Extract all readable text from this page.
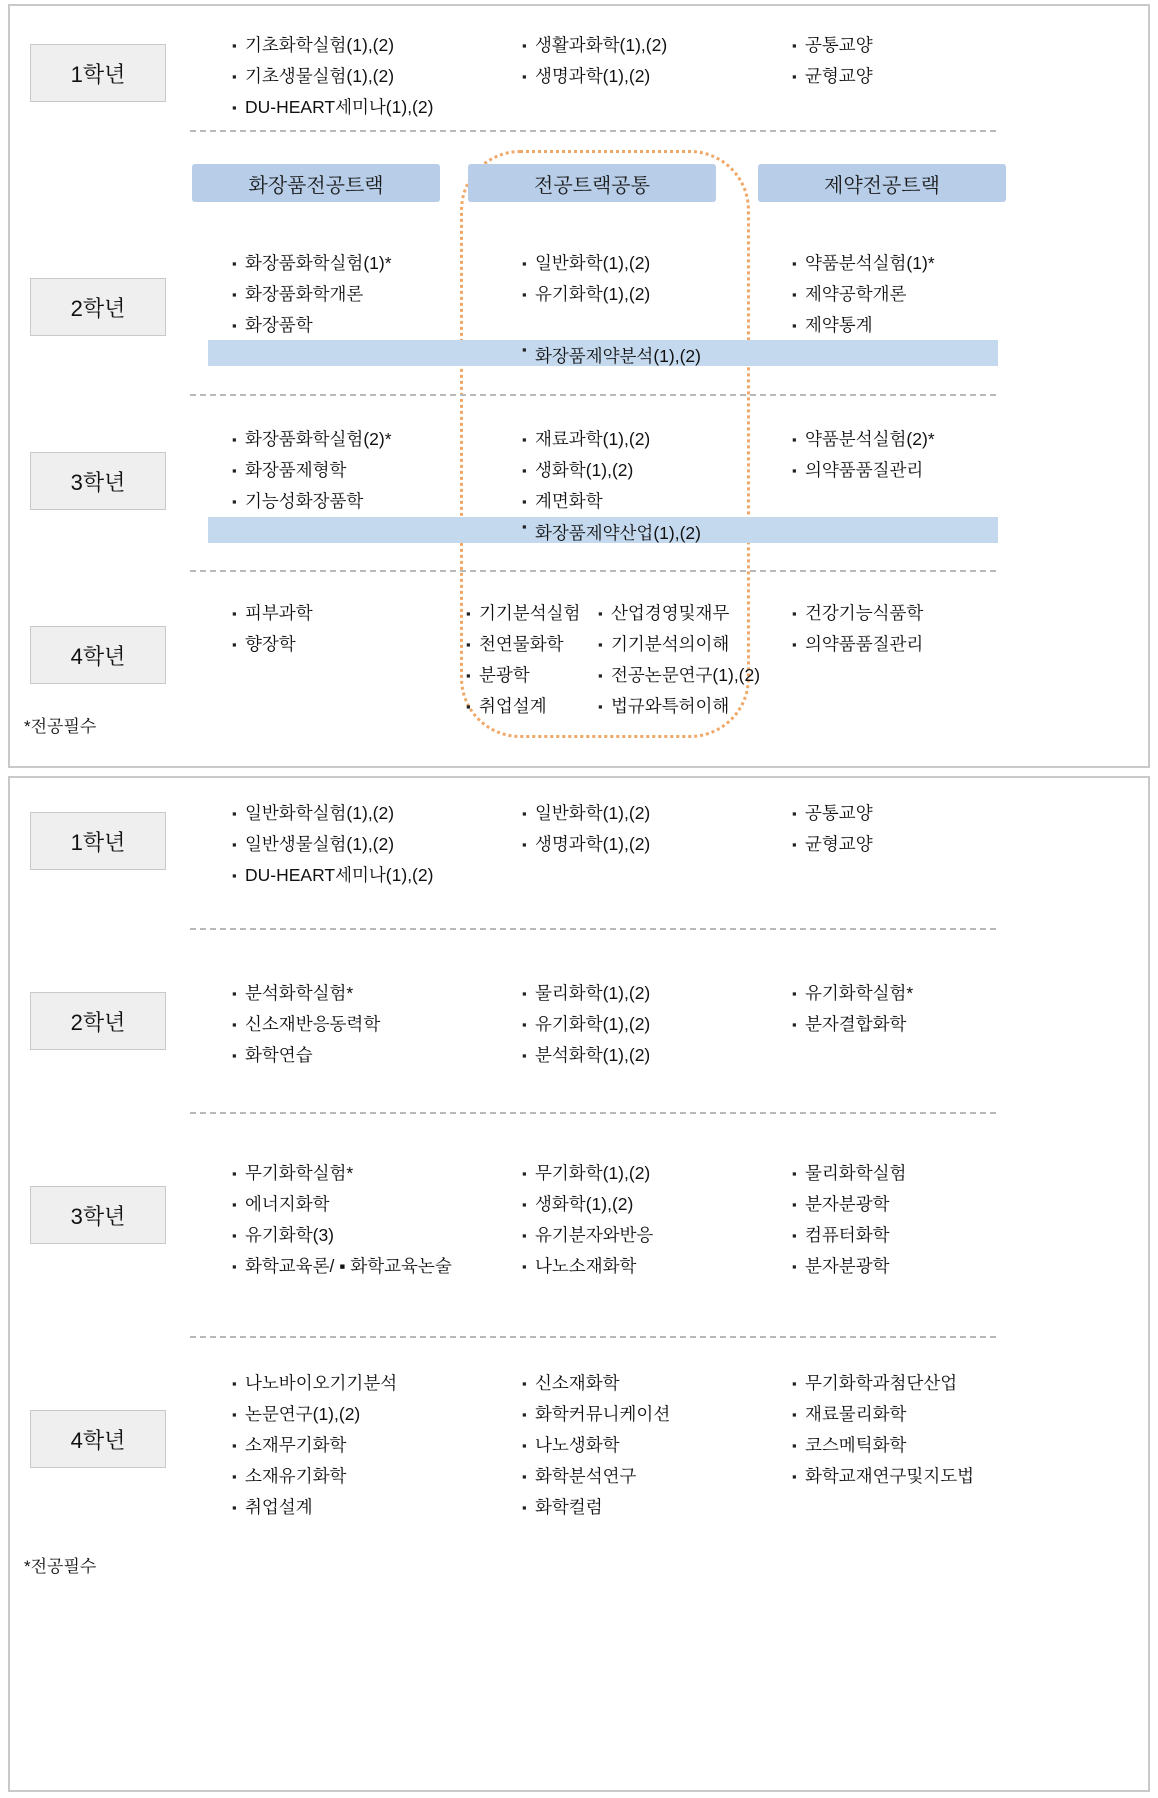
1학년
2학년
3학년
4학년
*전공필수
▪ 기초화학실험(1),(2)
▪ 기초생물실험(1),(2)
▪ DU-HEART세미나(1),(2)
▪ 생활과화학(1),(2)
▪ 생명과학(1),(2)
▪ 공통교양
▪ 균형교양
화장품전공트랙	전공트랙공통	제약전공트랙
▪ 화장품화학실험(1)*
▪ 화장품화학개론
▪ 화장품학
▪ 일반화학(1),(2)
▪ 유기화학(1),(2)
▪ 약품분석실험(1)*
▪ 제약공학개론
▪ 제약통계
▪ 화장품제약분석(1),(2)
▪ 화장품화학실험(2)*
▪ 화장품제형학
▪ 기능성화장품학
▪ 재료과학(1),(2)
▪ 생화학(1),(2)
▪ 계면화학
▪ 약품분석실험(2)*
▪ 의약품품질관리
▪ 화장품제약산업(1),(2)
▪ 피부과학
▪ 향장학
▪ 기기분석실험
▪ 천연물화학
▪ 분광학
▪ 취업설계
▪ 산업경영및재무
▪ 기기분석의이해
▪ 전공논문연구(1),(2)
▪ 법규와특허이해
▪ 건강기능식품학
▪ 의약품품질관리
1학년
2학년
3학년
4학년
*전공필수
▪ 일반화학실험(1),(2)
▪ 일반생물실험(1),(2)
▪ DU-HEART세미나(1),(2)
▪ 일반화학(1),(2)
▪ 생명과학(1),(2)
▪ 공통교양
▪ 균형교양
▪ 분석화학실험*
▪ 신소재반응동력학
▪ 화학연습
▪ 물리화학(1),(2)
▪ 유기화학(1),(2)
▪ 분석화학(1),(2)
▪ 유기화학실험*
▪ 분자결합화학
▪ 무기화학실험*
▪ 에너지화학
▪ 유기화학(3)
▪ 화학교육론/ ▪ 화학교육논술
▪ 무기화학(1),(2)
▪ 생화학(1),(2)
▪ 유기분자와반응
▪ 나노소재화학
▪ 물리화학실험
▪ 분자분광학
▪ 컴퓨터화학
▪ 분자분광학
▪ 나노바이오기기분석
▪ 논문연구(1),(2)
▪ 소재무기화학
▪ 소재유기화학
▪ 취업설계
▪ 신소재화학
▪ 화학커뮤니케이션
▪ 나노생화학
▪ 화학분석연구
▪ 화학컬럼
▪ 무기화학과첨단산업
▪ 재료물리화학
▪ 코스메틱화학
▪ 화학교재연구및지도법
